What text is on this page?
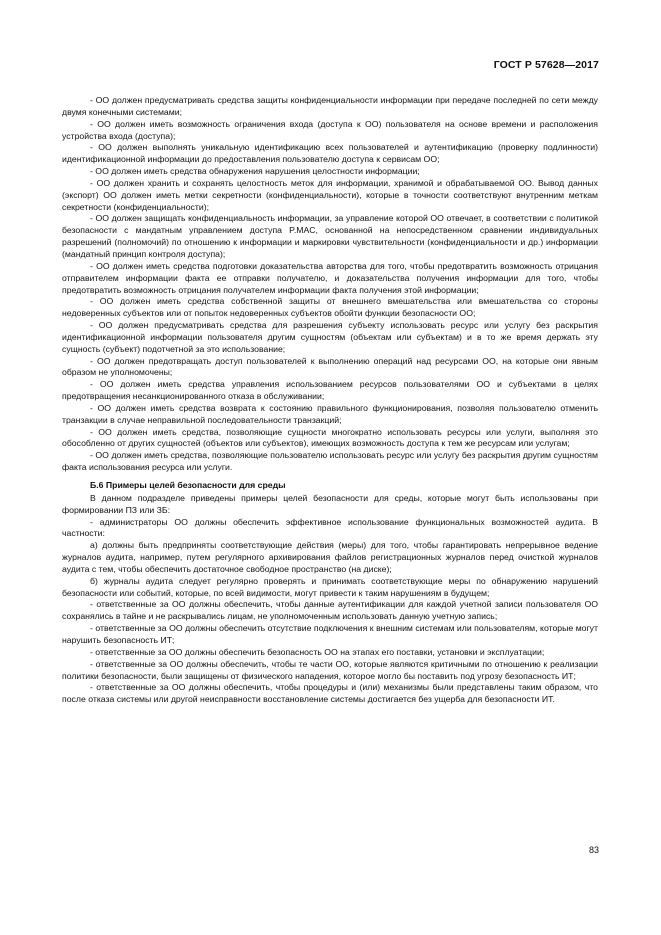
ГОСТ Р 57628—2017

- ОО должен предусматривать средства защиты конфиденциальности информации при передаче последней по сети между двумя конечными системами;

- ОО должен иметь возможность ограничения входа (доступа к ОО) пользователя на основе времени и расположения устройства входа (доступа);

- ОО должен выполнять уникальную идентификацию всех пользователей и аутентификацию (проверку подлинности) идентификационной информации до предоставления пользователю доступа к сервисам ОО;

- ОО должен иметь средства обнаружения нарушения целостности информации;

- ОО должен хранить и сохранять целостность меток для информации, хранимой и обрабатываемой ОО. Вывод данных (экспорт) ОО должен иметь метки секретности (конфиденциальности), которые в точности соответствуют внутренним меткам секретности (конфиденциальности);

- ОО должен защищать конфиденциальность информации, за управление которой ОО отвечает, в соответствии с политикой безопасности с мандатным управлением доступа P.MAC, основанной на непосредственном сравнении индивидуальных разрешений (полномочий) по отношению к информации и маркировки чувствительности (конфиденциальности и др.) информации (мандатный принцип контроля доступа);

- ОО должен иметь средства подготовки доказательства авторства для того, чтобы предотвратить возможность отрицания отправителем информации факта ее отправки получателю, и доказательства получения информации для того, чтобы предотвратить возможность отрицания получателем информации факта получения этой информации;

- ОО должен иметь средства собственной защиты от внешнего вмешательства или вмешательства со стороны недоверенных субъектов или от попыток недоверенных субъектов обойти функции безопасности ОО;

- ОО должен предусматривать средства для разрешения субъекту использовать ресурс или услугу без раскрытия идентификационной информации пользователя другим сущностям (объектам или субъектам) и в то же время держать эту сущность (субъект) подотчетной за это использование;

- ОО должен предотвращать доступ пользователей к выполнению операций над ресурсами ОО, на которые они явным образом не уполномочены;

- ОО должен иметь средства управления использованием ресурсов пользователями ОО и субъектами в целях предотвращения несанкционированного отказа в обслуживании;

- ОО должен иметь средства возврата к состоянию правильного функционирования, позволяя пользователю отменить транзакции в случае неправильной последовательности транзакций;

- ОО должен иметь средства, позволяющие сущности многократно использовать ресурсы или услуги, выполняя это обособленно от других сущностей (объектов или субъектов), имеющих возможность доступа к тем же ресурсам или услугам;

- ОО должен иметь средства, позволяющие пользователю использовать ресурс или услугу без раскрытия другим сущностям факта использования ресурса или услуги.

Б.6 Примеры целей безопасности для среды

В данном подразделе приведены примеры целей безопасности для среды, которые могут быть использованы при формировании ПЗ или ЗБ:

- администраторы ОО должны обеспечить эффективное использование функциональных возможностей аудита. В частности:

а) должны быть предприняты соответствующие действия (меры) для того, чтобы гарантировать непрерывное ведение журналов аудита, например, путем регулярного архивирования файлов регистрационных журналов перед очисткой журналов аудита с тем, чтобы обеспечить достаточное свободное пространство (на диске);

б) журналы аудита следует регулярно проверять и принимать соответствующие меры по обнаружению нарушений безопасности или событий, которые, по всей видимости, могут привести к таким нарушениям в будущем;

- ответственные за ОО должны обеспечить, чтобы данные аутентификации для каждой учетной записи пользователя ОО сохранялись в тайне и не раскрывались лицам, не уполномоченным использовать данную учетную запись;

- ответственные за ОО должны обеспечить отсутствие подключения к внешним системам или пользователям, которые могут нарушить безопасность ИТ;

- ответственные за ОО должны обеспечить безопасность ОО на этапах его поставки, установки и эксплуатации;

- ответственные за ОО должны обеспечить, чтобы те части ОО, которые являются критичными по отношению к реализации политики безопасности, были защищены от физического нападения, которое могло бы поставить под угрозу безопасность ИТ;

- ответственные за ОО должны обеспечить, чтобы процедуры и (или) механизмы были представлены таким образом, что после отказа системы или другой неисправности восстановление системы достигается без ущерба для безопасности ИТ.

83
